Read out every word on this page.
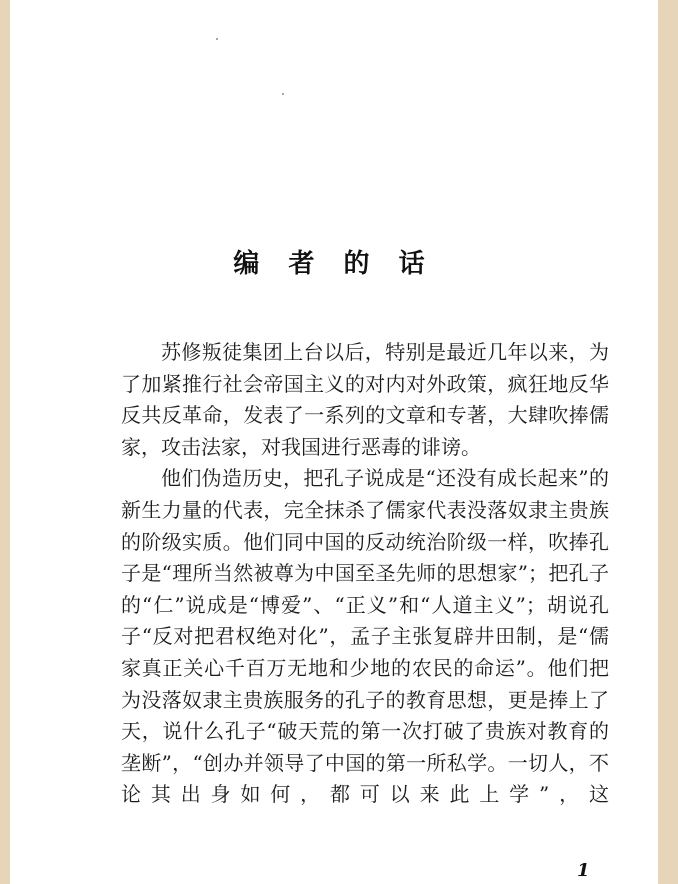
编 者 的 话

苏修叛徒集团上台以后，特别是最近几年以来，为了加紧推行社会帝国主义的对内对外政策，疯狂地反华反共反革命，发表了一系列的文章和专著，大肆吹捧儒家，攻击法家，对我国进行恶毒的诽谤。

他们伪造历史，把孔子说成是“还没有成长起来”的新生力量的代表，完全抹杀了儒家代表没落奴隶主贵族的阶级实质。他们同中国的反动统治阶级一样，吹捧孔子是“理所当然被尊为中国至圣先师的思想家”；把孔子的“仁”说成是“博爱”、“正义”和“人道主义”；胡说孔子“反对把君权绝对化”，孟子主张复辟井田制，是“儒家真正关心千百万无地和少地的农民的命运”。他们把为没落奴隶主贵族服务的孔子的教育思想，更是捧上了天，说什么孔子“破天荒的第一次打破了贵族对教育的垄断”，“创办并领导了中国的第一所私学。一切人，不论其出身如何，都可以来此上学”，这

1
